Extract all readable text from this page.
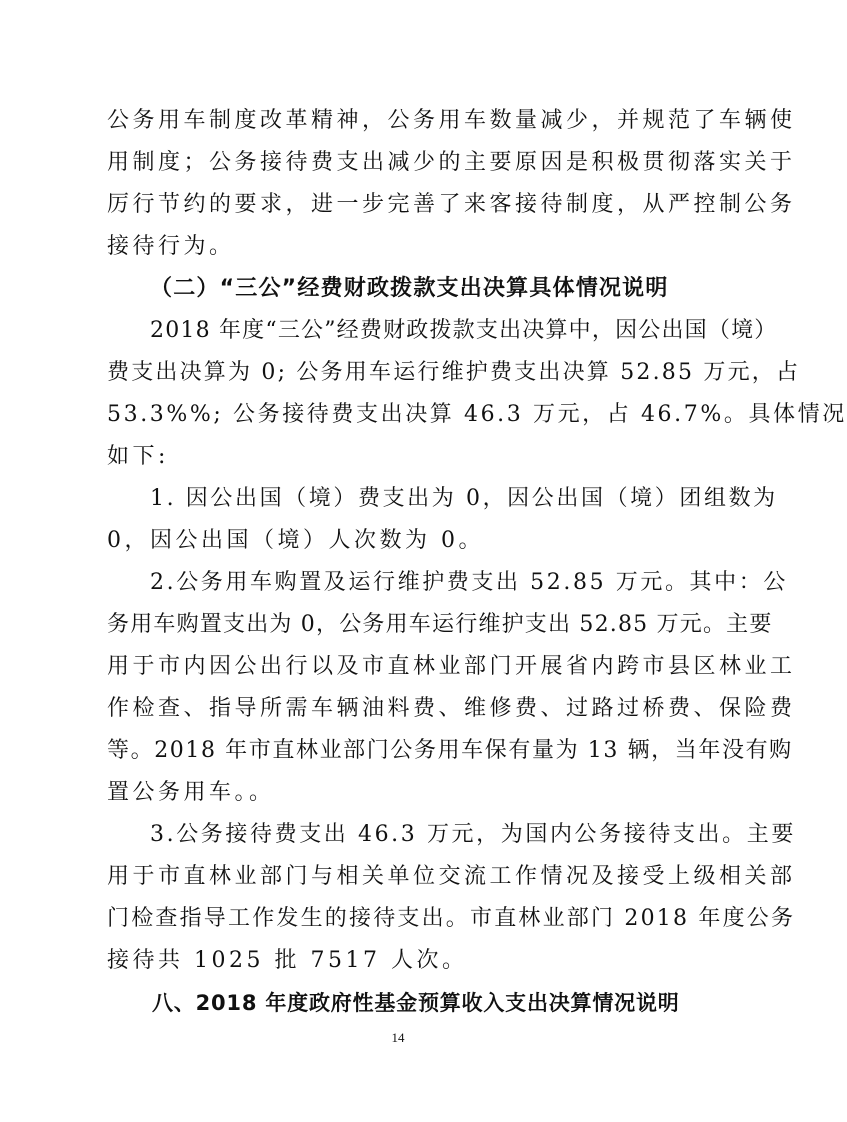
公务用车制度改革精神，公务用车数量减少，并规范了车辆使
用制度；公务接待费支出减少的主要原因是积极贯彻落实关于
厉行节约的要求，进一步完善了来客接待制度，从严控制公务
接待行为。
（二）“三公”经费财政拨款支出决算具体情况说明
2018 年度“三公”经费财政拨款支出决算中，因公出国（境）
费支出决算为 0; 公务用车运行维护费支出决算 52.85 万元，占
53.3%%; 公务接待费支出决算 46.3 万元，占 46.7%。具体情况
如下:
1. 因公出国（境）费支出为 0，因公出国（境）团组数为
0，因公出国（境）人次数为 0。
2.公务用车购置及运行维护费支出 52.85 万元。其中：公
务用车购置支出为 0，公务用车运行维护支出 52.85 万元。主要
用于市内因公出行以及市直林业部门开展省内跨市县区林业工
作检查、指导所需车辆油料费、维修费、过路过桥费、保险费
等。2018 年市直林业部门公务用车保有量为 13 辆，当年没有购
置公务用车。。
3.公务接待费支出 46.3 万元，为国内公务接待支出。主要
用于市直林业部门与相关单位交流工作情况及接受上级相关部
门检查指导工作发生的接待支出。市直林业部门 2018 年度公务
接待共 1025 批 7517 人次。
八、2018 年度政府性基金预算收入支出决算情况说明
14
